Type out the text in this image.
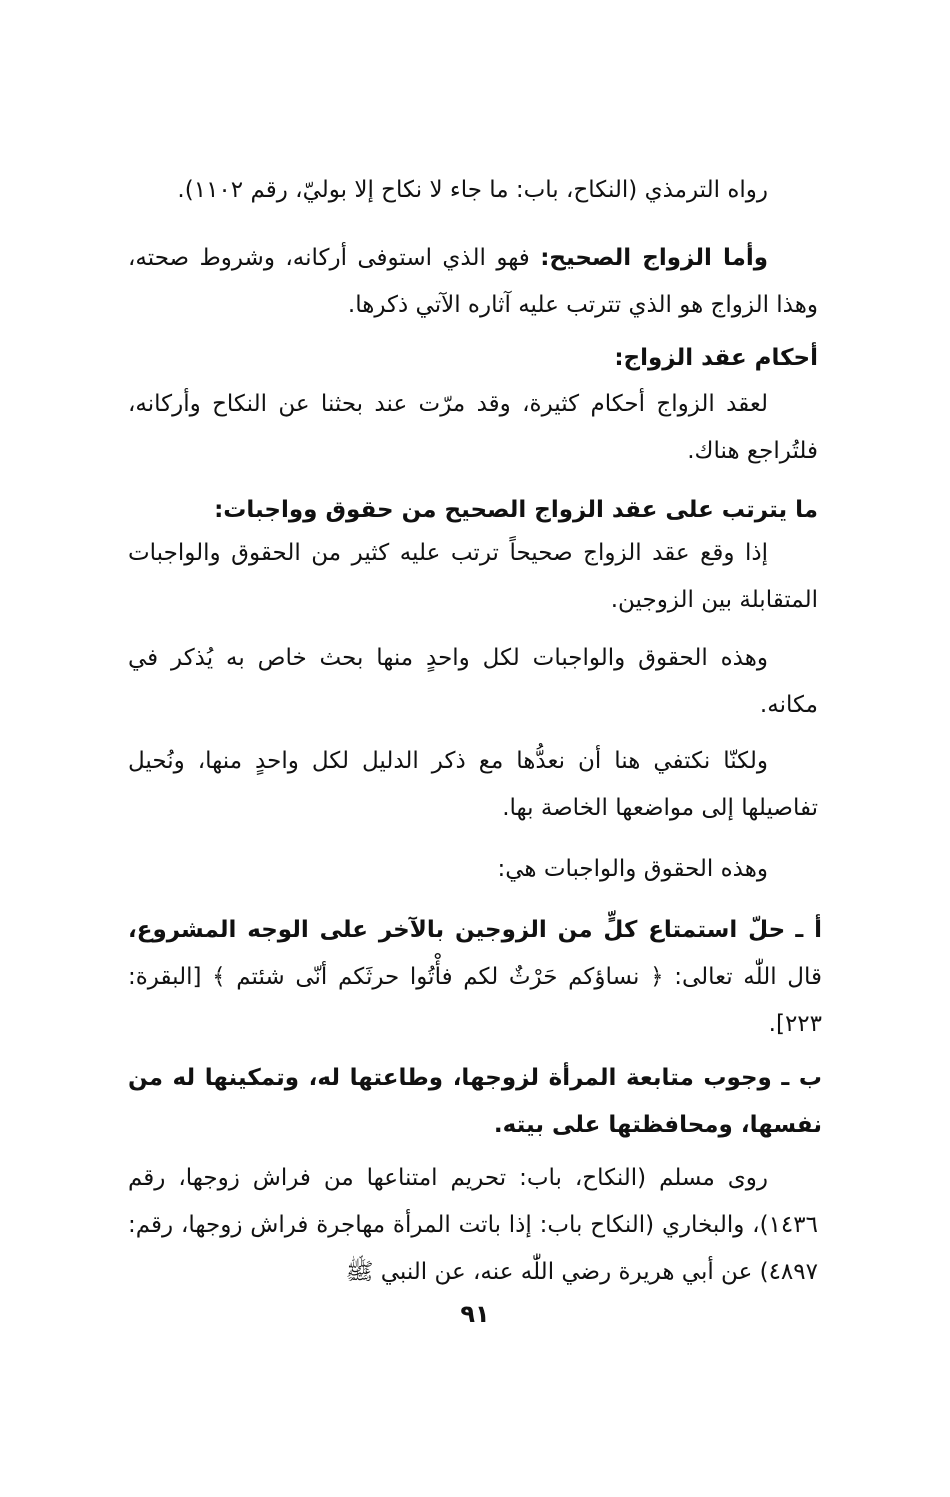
رواه الترمذي (النكاح، باب: ما جاء لا نكاح إلا بوليّ، رقم ١١٠٢).
وأما الزواج الصحيح: فهو الذي استوفى أركانه، وشروط صحته، وهذا الزواج هو الذي تترتب عليه آثاره الآتي ذكرها.
أحكام عقد الزواج:
لعقد الزواج أحكام كثيرة، وقد مرّت عند بحثنا عن النكاح وأركانه، فلتُراجع هناك.
ما يترتب على عقد الزواج الصحيح من حقوق وواجبات:
إذا وقع عقد الزواج صحيحاً ترتب عليه كثير من الحقوق والواجبات المتقابلة بين الزوجين.
وهذه الحقوق والواجبات لكل واحدٍ منها بحث خاص به يُذكر في مكانه.
ولكنّا نكتفي هنا أن نعدُّها مع ذكر الدليل لكل واحدٍ منها، ونُحيل تفاصيلها إلى مواضعها الخاصة بها.
وهذه الحقوق والواجبات هي:
أ ـ حلّ استمتاع كلٍّ من الزوجين بالآخر على الوجه المشروع، قال اللّٰه تعالى: ﴿ نساؤكم حَرْثٌ لكم فأْتُوا حرثَكم أنّى شئتم ﴾ [البقرة: ٢٢٣].
ب ـ وجوب متابعة المرأة لزوجها، وطاعتها له، وتمكينها له من نفسها، ومحافظتها على بيته.
روى مسلم (النكاح، باب: تحريم امتناعها من فراش زوجها، رقم ١٤٣٦)، والبخاري (النكاح باب: إذا باتت المرأة مهاجرة فراش زوجها، رقم: ٤٨٩٧) عن أبي هريرة رضي اللّٰه عنه، عن النبي ﷺ
٩١
